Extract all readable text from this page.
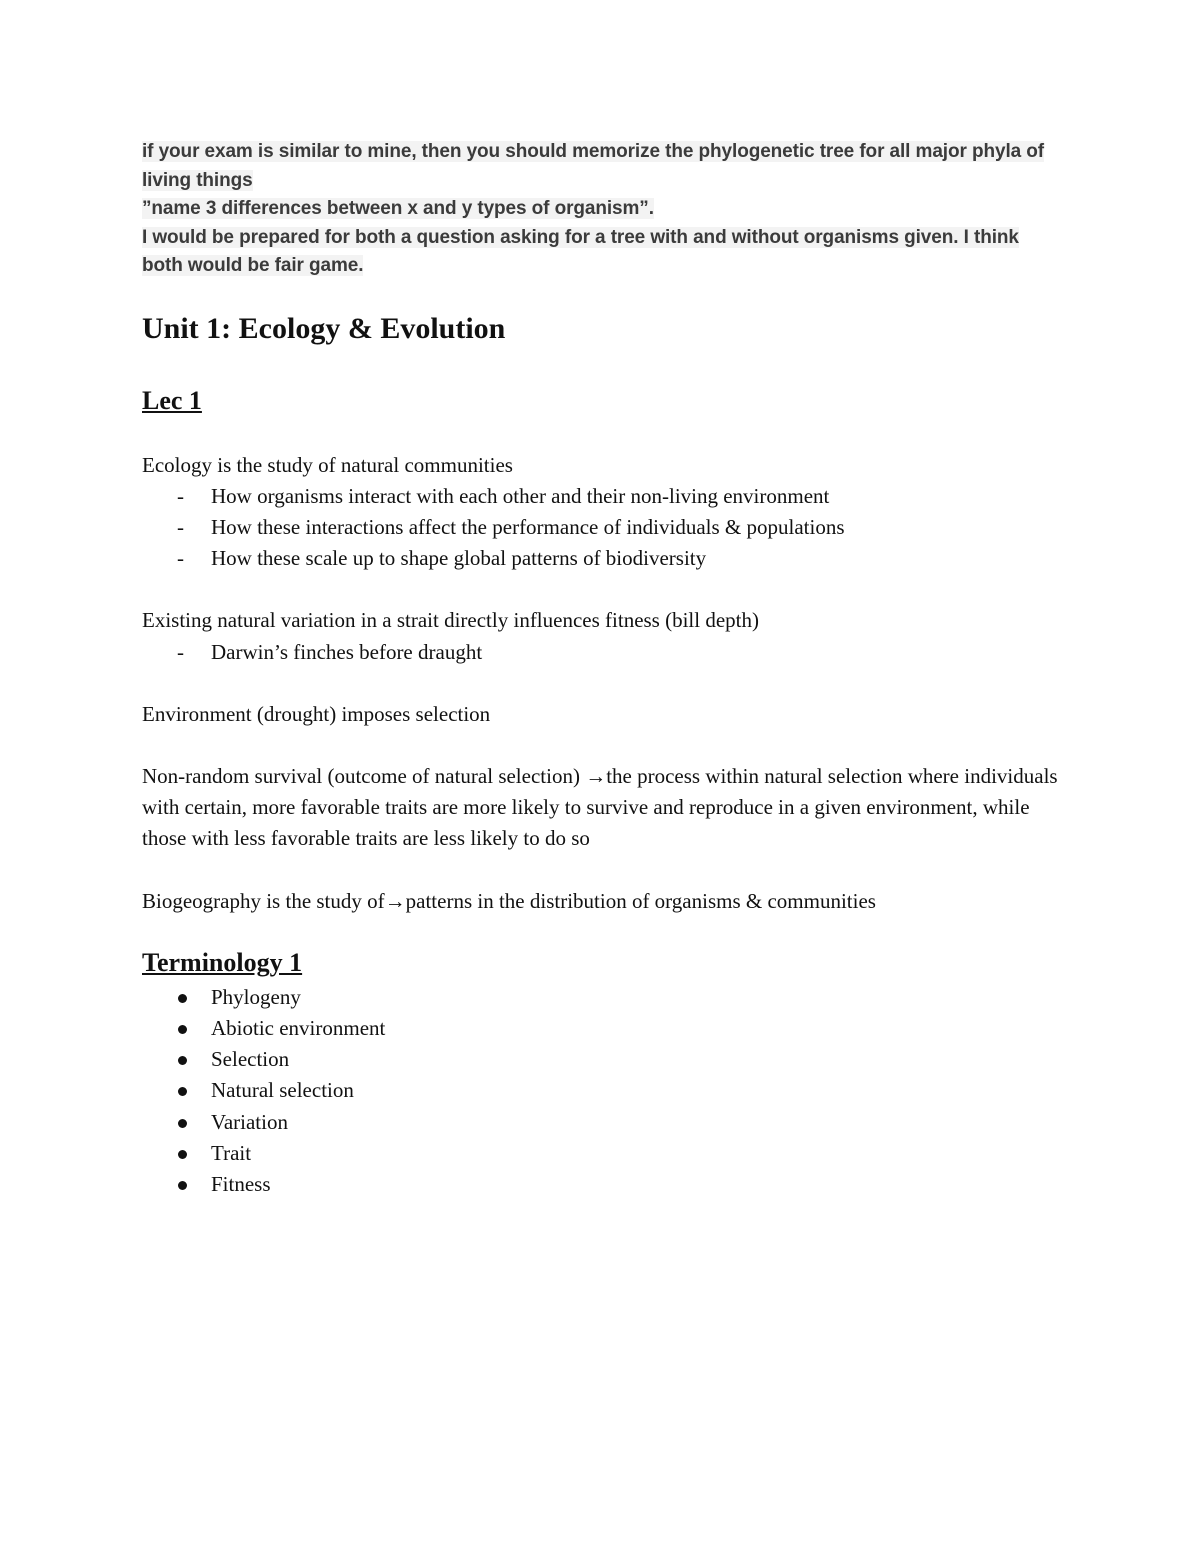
if your exam is similar to mine, then you should memorize the phylogenetic tree for all major phyla of living things

”name 3 differences between x and y types of organism”.

I would be prepared for both a question asking for a tree with and without organisms given. I think both would be fair game.

Unit 1: Ecology & Evolution
Lec 1

Ecology is the study of natural communities

- How organisms interact with each other and their non-living environment
- How these interactions affect the performance of individuals & populations
- How these scale up to shape global patterns of biodiversity

Existing natural variation in a strait directly influences fitness (bill depth)

- Darwin’s finches before draught

Environment (drought) imposes selection

Non-random survival (outcome of natural selection) →the process within natural selection where individuals with certain, more favorable traits are more likely to survive and reproduce in a given environment, while those with less favorable traits are less likely to do so

Biogeography is the study of→patterns in the distribution of organisms & communities

Terminology 1
Phylogeny
Abiotic environment
Selection
Natural selection
Variation
Trait
Fitness
